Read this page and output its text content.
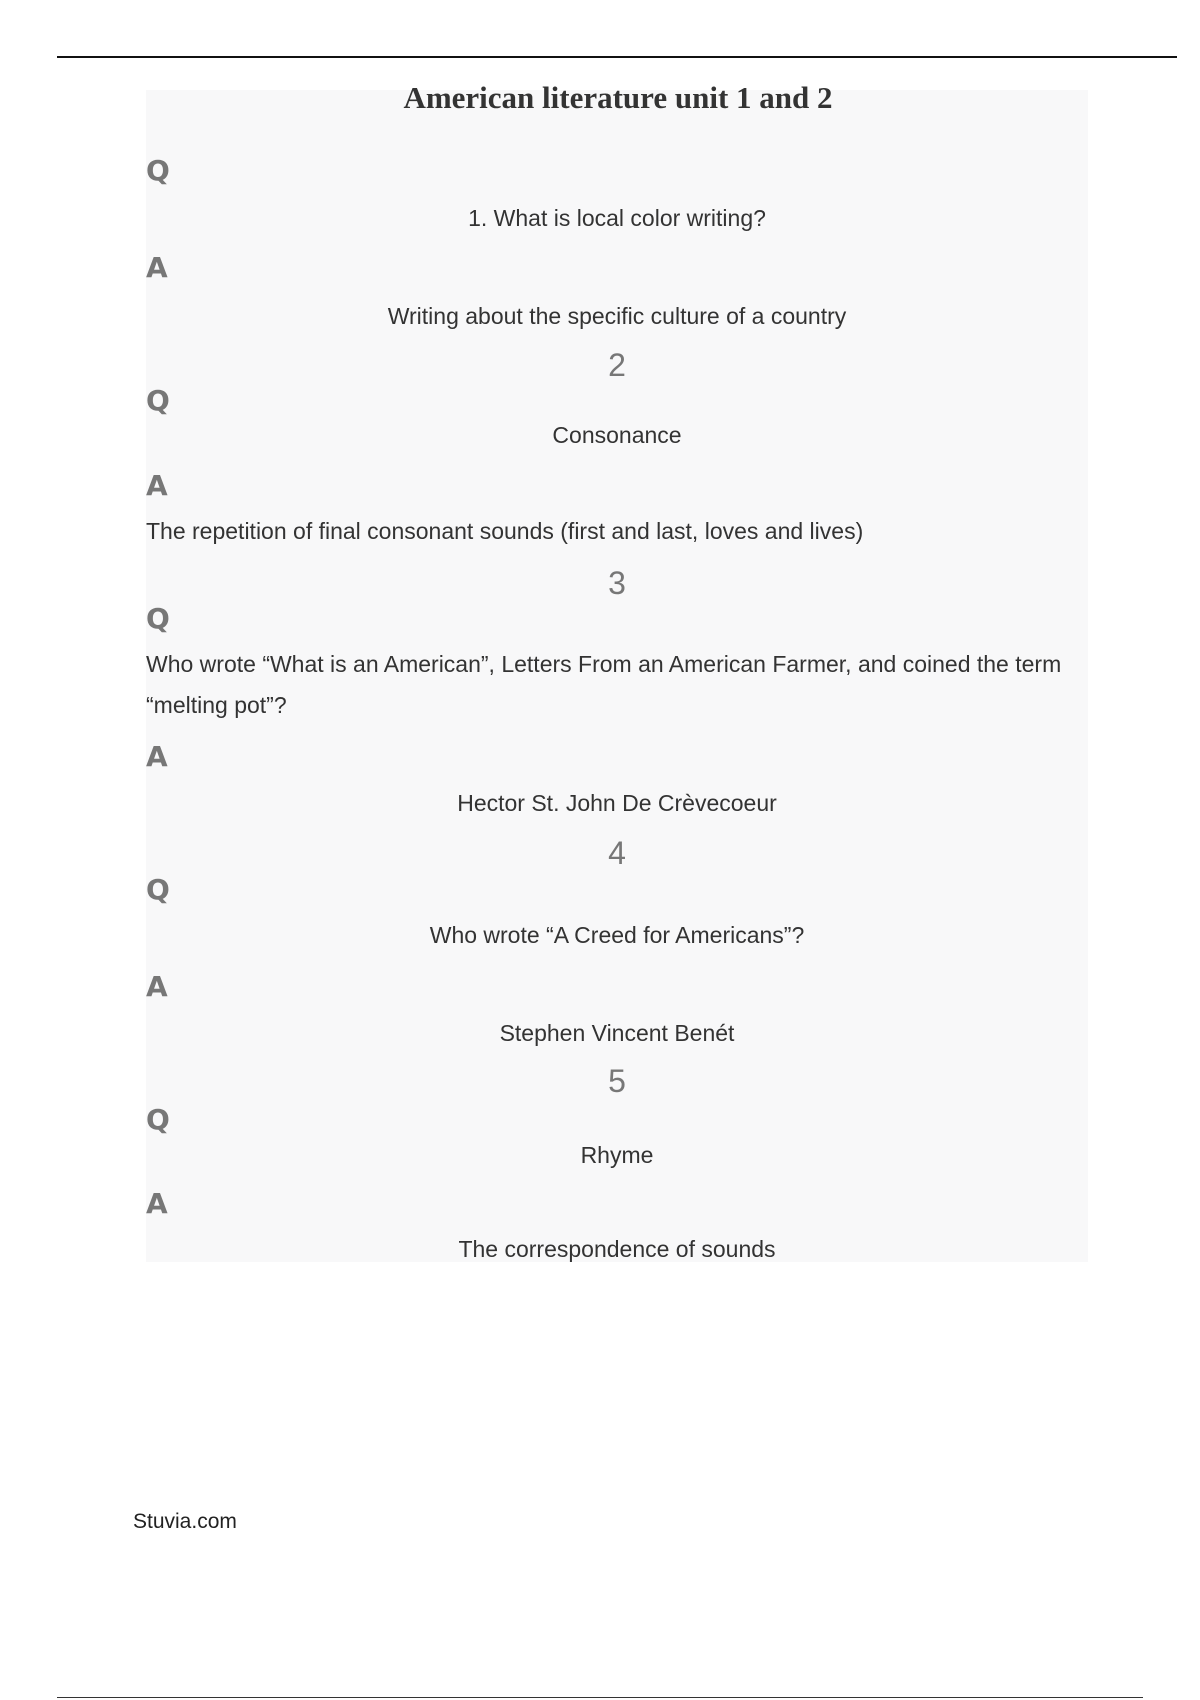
American literature unit 1 and 2
Q
1. What is local color writing?
A
Writing about the specific culture of a country
2
Q
Consonance
A
The repetition of final consonant sounds (first and last, loves and lives)
3
Q
Who wrote “What is an American”, Letters From an American Farmer, and coined the term “melting pot”?
A
Hector St. John De Crèvecoeur
4
Q
Who wrote “A Creed for Americans”?
A
Stephen Vincent Benét
5
Q
Rhyme
A
The correspondence of sounds
Stuvia.com
